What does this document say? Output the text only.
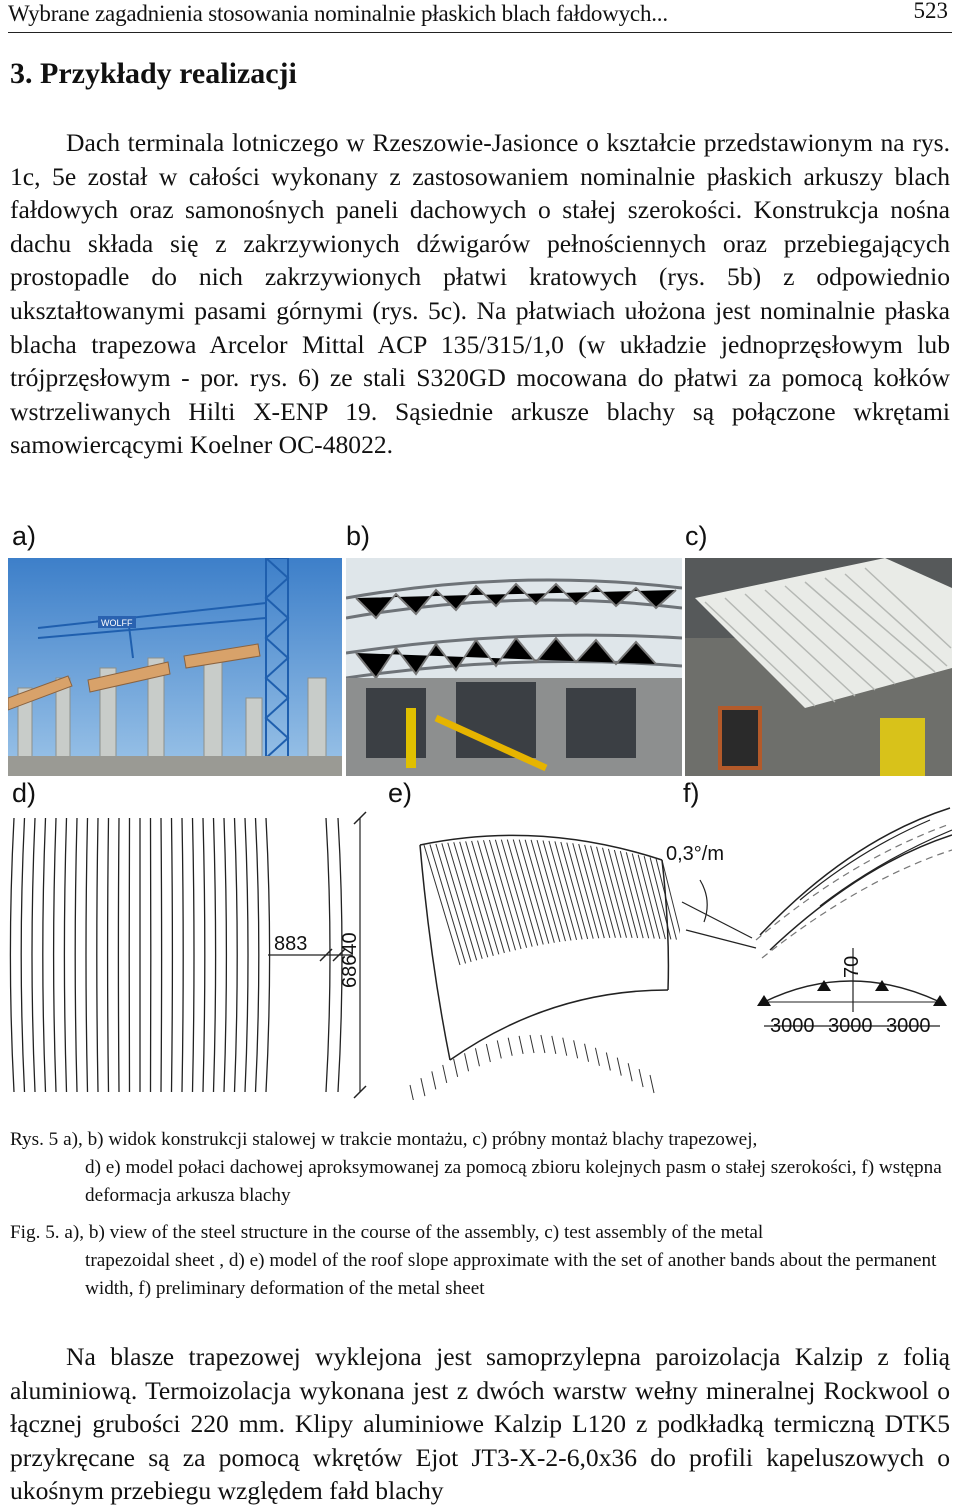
Wybrane zagadnienia stosowania nominalnie płaskich blach fałdowych...	523
3. Przykłady realizacji

Dach terminala lotniczego w Rzeszowie-Jasionce o kształcie przedstawionym na rys. 1c, 5e został w całości wykonany z zastosowaniem nominalnie płaskich arkuszy blach fałdowych oraz samonośnych paneli dachowych o stałej szerokości. Konstrukcja nośna dachu składa się z zakrzywionych dźwigarów pełnościennych oraz przebiegających prostopadle do nich zakrzywionych płatwi kratowych (rys. 5b) z odpowiednio ukształtowanymi pasami górnymi (rys. 5c). Na płatwiach ułożona jest nominalnie płaska blacha trapezowa Arcelor Mittal ACP 135/315/1,0 (w układzie jednoprzęsłowym lub trójprzęsłowym - por. rys. 6) ze stali S320GD mocowana do płatwi za pomocą kołków wstrzeliwanych Hilti X-ENP 19. Sąsiednie arkusze blachy są połączone wkrętami samowiercącymi Koelner OC-48022.

a)	b)	c)
d)	e)	f)
WOLFF
883 68640
0,3°/m
70
3000 3000 3000
Rys. 5 a), b) widok konstrukcji stalowej w trakcie montażu, c) próbny montaż blachy trapezowej,
d) e) model połaci dachowej aproksymowanej za pomocą zbioru kolejnych pasm o stałej szerokości, f) wstępna deformacja arkusza blachy
Fig. 5. a), b) view of the steel structure in the course of the assembly, c) test assembly of the metal
trapezoidal sheet , d) e) model of the roof slope approximate with the set of another bands about the permanent width, f) preliminary deformation of the metal sheet

Na blasze trapezowej wyklejona jest samoprzylepna paroizolacja Kalzip z folią aluminiową. Termoizolacja wykonana jest z dwóch warstw wełny mineralnej Rockwool o łącznej grubości 220 mm. Klipy aluminiowe Kalzip L120 z podkładką termiczną DTK5 przykręcane są za pomocą wkrętów Ejot JT3-X-2-6,0x36 do profili kapeluszowych o ukośnym przebiegu względem fałd blachy
